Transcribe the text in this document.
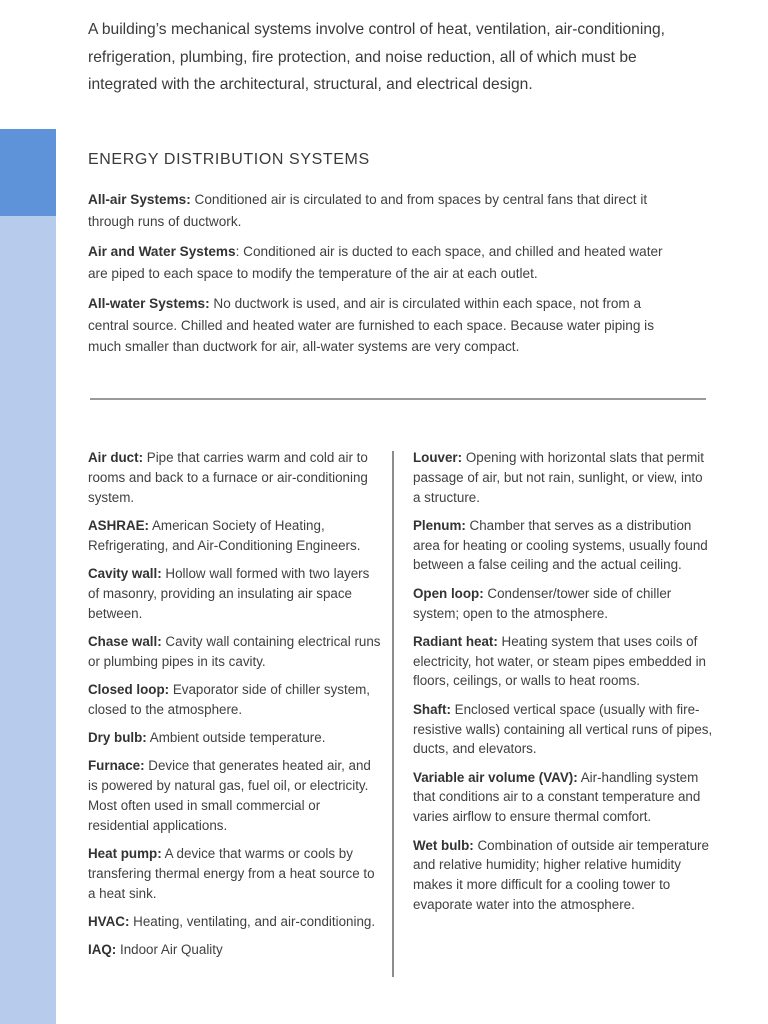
A building’s mechanical systems involve control of heat, ventilation, air-conditioning, refrigeration, plumbing, fire protection, and noise reduction, all of which must be integrated with the architectural, structural, and electrical design.

ENERGY DISTRIBUTION SYSTEMS

All-air Systems: Conditioned air is circulated to and from spaces by central fans that direct it through runs of ductwork.

Air and Water Systems: Conditioned air is ducted to each space, and chilled and heated water are piped to each space to modify the temperature of the air at each outlet.

All-water Systems: No ductwork is used, and air is circulated within each space, not from a central source. Chilled and heated water are furnished to each space. Because water piping is much smaller than ductwork for air, all-water systems are very compact.

Air duct: Pipe that carries warm and cold air to rooms and back to a furnace or air-conditioning system.

ASHRAE: American Society of Heating, Refrigerating, and Air-Conditioning Engineers.

Cavity wall: Hollow wall formed with two layers of masonry, providing an insulating air space between.

Chase wall: Cavity wall containing electrical runs or plumbing pipes in its cavity.

Closed loop: Evaporator side of chiller system, closed to the atmosphere.

Dry bulb: Ambient outside temperature.

Furnace: Device that generates heated air, and is powered by natural gas, fuel oil, or electricity. Most often used in small commercial or residential applications.

Heat pump: A device that warms or cools by transfering thermal energy from a heat source to a heat sink.

HVAC: Heating, ventilating, and air-conditioning.

IAQ: Indoor Air Quality

Louver: Opening with horizontal slats that permit passage of air, but not rain, sunlight, or view, into a structure.

Plenum: Chamber that serves as a distribution area for heating or cooling systems, usually found between a false ceiling and the actual ceiling.

Open loop: Condenser/tower side of chiller system; open to the atmosphere.

Radiant heat: Heating system that uses coils of electricity, hot water, or steam pipes embedded in floors, ceilings, or walls to heat rooms.

Shaft: Enclosed vertical space (usually with fire-resistive walls) containing all vertical runs of pipes, ducts, and elevators.

Variable air volume (VAV): Air-handling system that conditions air to a constant temperature and varies airflow to ensure thermal comfort.

Wet bulb: Combination of outside air temperature and relative humidity; higher relative humidity makes it more difficult for a cooling tower to evaporate water into the atmosphere.
